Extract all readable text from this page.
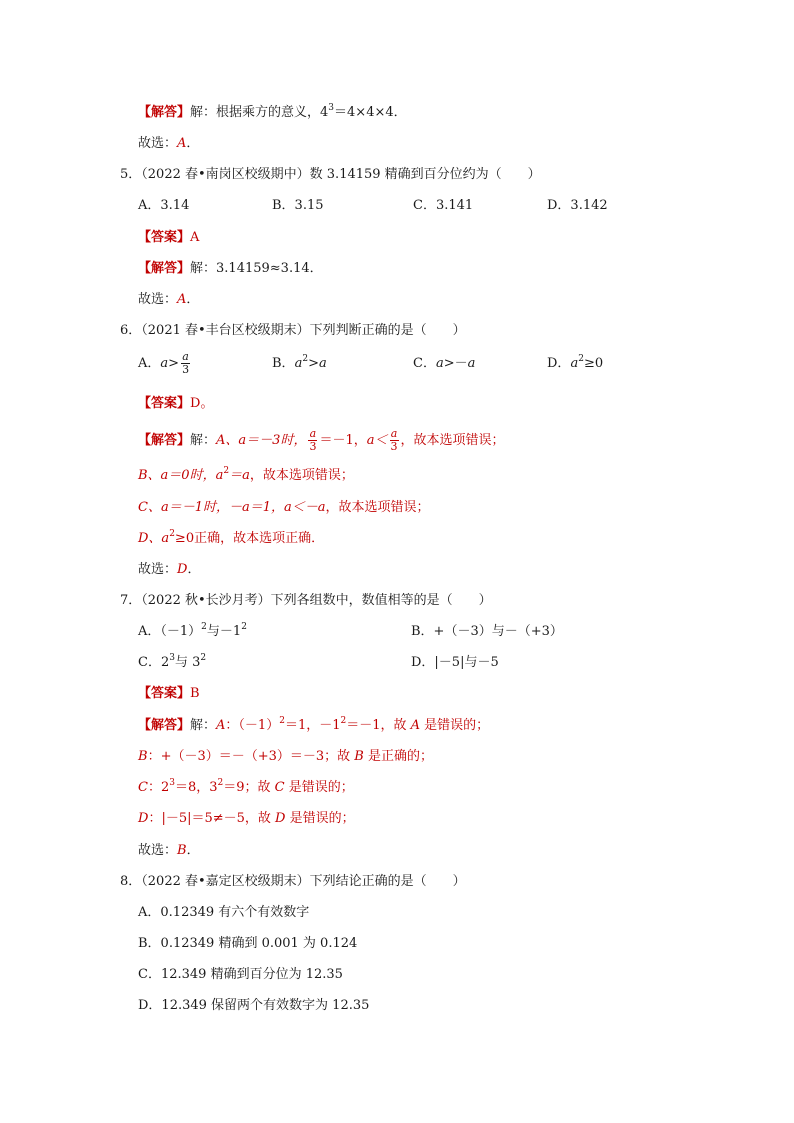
【解答】解：根据乘方的意义，$4^3=4\times 4\times 4$．
故选：A．
5．（2022 春•南岗区校级期中）数 3.14159 精确到百分位约为（　　）
A．3.14	B．3.15	C．3.141	D．3.142
【答案】A
【解答】解：3.14159≈3.14．
故选：A．
6．（2021 春•丰台区校级期末）下列判断正确的是（　　）
A．$a> \frac{a}{3}$	B．$a^2>a$	C．a>－a	D．$a^2\ge 0$
【答案】D。
【解答】解：A、a＝－3时， $\frac{a}{3} =-1$，$a< \frac{a}{3}$ ，故本选项错误；
B、a＝0时，$a^2=a$，故本选项错误；
C、a＝－1时，－a＝1，a＜－a，故本选项错误；
D、$a^2\ge 0$正确，故本选项正确．
故选：D．
7．（2022 秋•长沙月考）下列各组数中，数值相等的是（　　）
A．$(-1)^2$与$-1^2$	B．+（－3）与－（+3）
C．$2^3$与 $3^2$	D．|－5|与－5
【答案】B
【解答】解：A：$(-1)^2=1$，$-1^2=-1$，故 A 是错误的；
B：+（－3）＝－（+3）＝－3；故 B 是正确的；
C：$2^3=8$，$3^2=9$；故 C 是错误的；
D：|－5|＝5≠－5，故 D 是错误的；
故选：B．
8．（2022 春•嘉定区校级期末）下列结论正确的是（　　）
A．0.12349 有六个有效数字
B．0.12349 精确到 0.001 为 0.124
C．12.349 精确到百分位为 12.35
D．12.349 保留两个有效数字为 12.35
